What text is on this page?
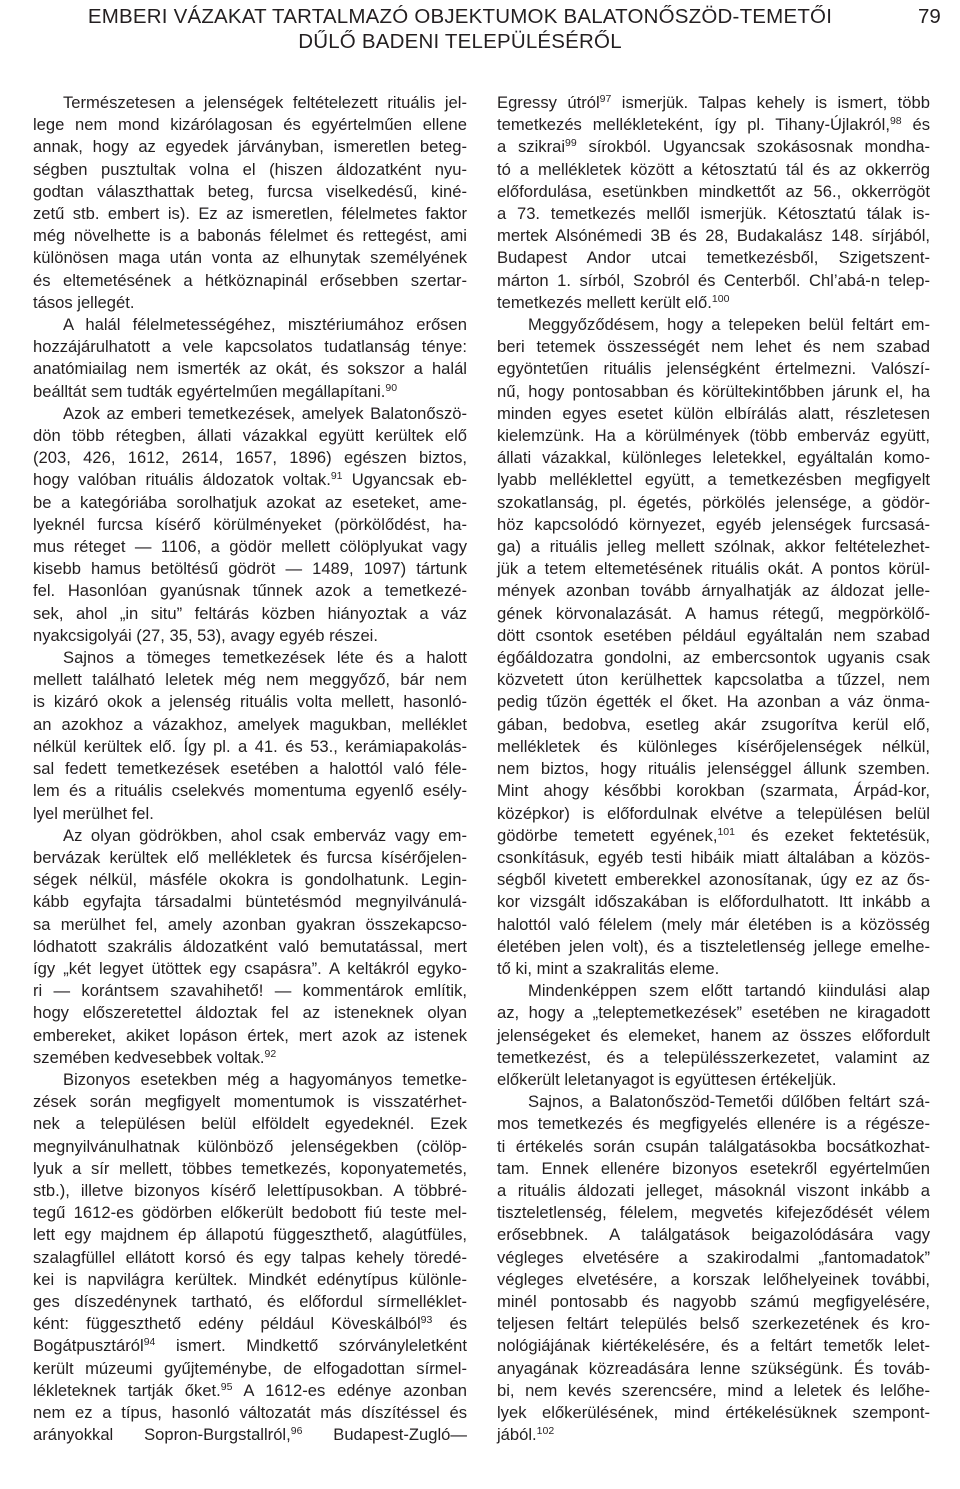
EMBERI VÁZAKAT TARTALMAZÓ OBJEKTUMOK BALATONŐSZÖD-TEMETŐI
DŰLŐ BADENI TELEPÜLÉSÉRŐL
79

Természetesen a jelenségek feltételezett rituális jel-

lege nem mond kizárólagosan és egyértelműen ellene

annak, hogy az egyedek járványban, ismeretlen beteg-

ségben pusztultak volna el (hiszen áldozatként nyu-

godtan választhattak beteg, furcsa viselkedésű, kiné-

zetű stb. embert is). Ez az ismeretlen, félelmetes faktor

még növelhette is a babonás félelmet és rettegést, ami

különösen maga után vonta az elhunytak személyének

és eltemetésének a hétköznapinál erősebben szertar-

tásos jellegét.

A halál félelmetességéhez, misztériumához erősen

hozzájárulhatott a vele kapcsolatos tudatlanság ténye:

anatómiailag nem ismerték az okát, és sokszor a halál

beálltát sem tudták egyértelműen megállapítani.$^{90}$

Azok az emberi temetkezések, amelyek Balatonőszö-

dön több rétegben, állati vázakkal együtt kerültek elő

(203, 426, 1612, 2614, 1657, 1896) egészen biztos,

hogy valóban rituális áldozatok voltak.$^{91}$ Ugyancsak eb-

be a kategóriába sorolhatjuk azokat az eseteket, ame-

lyeknél furcsa kísérő körülményeket (pörkölődést, ha-

mus réteget — 1106, a gödör mellett cölöplyukat vagy

kisebb hamus betöltésű gödröt — 1489, 1097) tártunk

fel. Hasonlóan gyanúsnak tűnnek azok a temetkezé-

sek, ahol „in situ” feltárás közben hiányoztak a váz

nyakcsigolyái (27, 35, 53), avagy egyéb részei.

Sajnos a tömeges temetkezések léte és a halott

mellett található leletek még nem meggyőző, bár nem

is kizáró okok a jelenség rituális volta mellett, hasonló-

an azokhoz a vázakhoz, amelyek magukban, melléklet

nélkül kerültek elő. Így pl. a 41. és 53., kerámiapakolás-

sal fedett temetkezések esetében a halottól való féle-

lem és a rituális cselekvés momentuma egyenlő esély-

lyel merülhet fel.

Az olyan gödrökben, ahol csak emberváz vagy em-

bervázak kerültek elő mellékletek és furcsa kísérőjelen-

ségek nélkül, másféle okokra is gondolhatunk. Legin-

kább egyfajta társadalmi büntetésmód megnyilvánulá-

sa merülhet fel, amely azonban gyakran összekapcso-

lódhatott szakrális áldozatként való bemutatással, mert

így „két legyet ütöttek egy csapásra”. A keltákról egyko-

ri — korántsem szavahihető! — kommentárok említik,

hogy előszeretettel áldoztak fel az isteneknek olyan

embereket, akiket lopáson értek, mert azok az istenek

szemében kedvesebbek voltak.$^{92}$

Bizonyos esetekben még a hagyományos temetke-

zések során megfigyelt momentumok is visszatérhet-

nek a településen belül elföldelt egyedeknél. Ezek

megnyilvánulhatnak különböző jelenségekben (cölöp-

lyuk a sír mellett, többes temetkezés, koponyatemetés,

stb.), illetve bizonyos kísérő lelettípusokban. A többré-

tegű 1612-es gödörben előkerült bedobott fiú teste mel-

lett egy majdnem ép állapotú függeszthető, alagútfüles,

szalagfüllel ellátott korsó és egy talpas kehely töredé-

kei is napvilágra kerültek. Mindkét edénytípus különle-

ges díszedénynek tartható, és előfordul sírmelléklet-

ként: függeszthető edény például Köveskálból$^{93}$ és

Bogátpusztáról$^{94}$ ismert. Mindkettő szórványleletként

került múzeumi gyűjteménybe, de elfogadottan sírmel-

lékleteknek tartják őket.$^{95}$ A 1612-es edénye azonban

nem ez a típus, hasonló változatát más díszítéssel és

arányokkal Sopron-Burgstallról,$^{96}$ Budapest-Zugló—

Egressy útról$^{97}$ ismerjük. Talpas kehely is ismert, több

temetkezés mellékleteként, így pl. Tihany-Újlakról,$^{98}$ és

a szikrai$^{99}$ sírokból. Ugyancsak szokásosnak mondha-

tó a mellékletek között a kétosztatú tál és az okkerrög

előfordulása, esetünkben mindkettőt az 56., okkerrögöt

a 73. temetkezés mellől ismerjük. Kétosztatú tálak is-

mertek Alsónémedi 3B és 28, Budakalász 148. sírjából,

Budapest Andor utcai temetkezésből, Szigetszent-

márton 1. sírból, Szobról és Centerből. Chl’abá-n telep-

temetkezés mellett került elő.$^{100}$

Meggyőződésem, hogy a telepeken belül feltárt em-

beri tetemek összességét nem lehet és nem szabad

egyöntetűen rituális jelenségként értelmezni. Valószí-

nű, hogy pontosabban és körültekintőbben járunk el, ha

minden egyes esetet külön elbírálás alatt, részletesen

kielemzünk. Ha a körülmények (több emberváz együtt,

állati vázakkal, különleges leletekkel, egyáltalán komo-

lyabb melléklettel együtt, a temetkezésben megfigyelt

szokatlanság, pl. égetés, pörkölés jelensége, a gödör-

höz kapcsolódó környezet, egyéb jelenségek furcsasá-

ga) a rituális jelleg mellett szólnak, akkor feltételezhet-

jük a tetem eltemetésének rituális okát. A pontos körül-

mények azonban tovább árnyalhatják az áldozat jelle-

gének körvonalazását. A hamus rétegű, megpörkölő-

dött csontok esetében például egyáltalán nem szabad

égőáldozatra gondolni, az embercsontok ugyanis csak

közvetett úton kerülhettek kapcsolatba a tűzzel, nem

pedig tűzön égették el őket. Ha azonban a váz önma-

gában, bedobva, esetleg akár zsugorítva kerül elő,

mellékletek és különleges kísérőjelenségek nélkül,

nem biztos, hogy rituális jelenséggel állunk szemben.

Mint ahogy későbbi korokban (szarmata, Árpád-kor,

középkor) is előfordulnak elvétve a településen belül

gödörbe temetett egyének,$^{101}$ és ezeket fektetésük,

csonkításuk, egyéb testi hibáik miatt általában a közös-

ségből kivetett emberekkel azonosítanak, úgy ez az ős-

kor vizsgált időszakában is előfordulhatott. Itt inkább a

halottól való félelem (mely már életében is a közösség

életében jelen volt), és a tiszteletlenség jellege emelhe-

tő ki, mint a szakralitás eleme.

Mindenképpen szem előtt tartandó kiindulási alap

az, hogy a „teleptemetkezések” esetében ne kiragadott

jelenségeket és elemeket, hanem az összes előfordult

temetkezést, és a településszerkezetet, valamint az

előkerült leletanyagot is együttesen értékeljük.

Sajnos, a Balatonőszöd-Temetői dűlőben feltárt szá-

mos temetkezés és megfigyelés ellenére is a régésze-

ti értékelés során csupán találgatásokba bocsátkozhat-

tam. Ennek ellenére bizonyos esetekről egyértelműen

a rituális áldozati jelleget, másoknál viszont inkább a

tiszteletlenség, félelem, megvetés kifejeződését vélem

erősebbnek. A találgatások beigazolódására vagy

végleges elvetésére a szakirodalmi „fantomadatok”

végleges elvetésére, a korszak lelőhelyeinek további,

minél pontosabb és nagyobb számú megfigyelésére,

teljesen feltárt település belső szerkezetének és kro-

nológiájának kiértékelésére, és a feltárt temetők lelet-

anyagának közreadására lenne szükségünk. És továb-

bi, nem kevés szerencsére, mind a leletek és lelőhe-

lyek előkerülésének, mind értékelésüknek szempont-

jából.$^{102}$
